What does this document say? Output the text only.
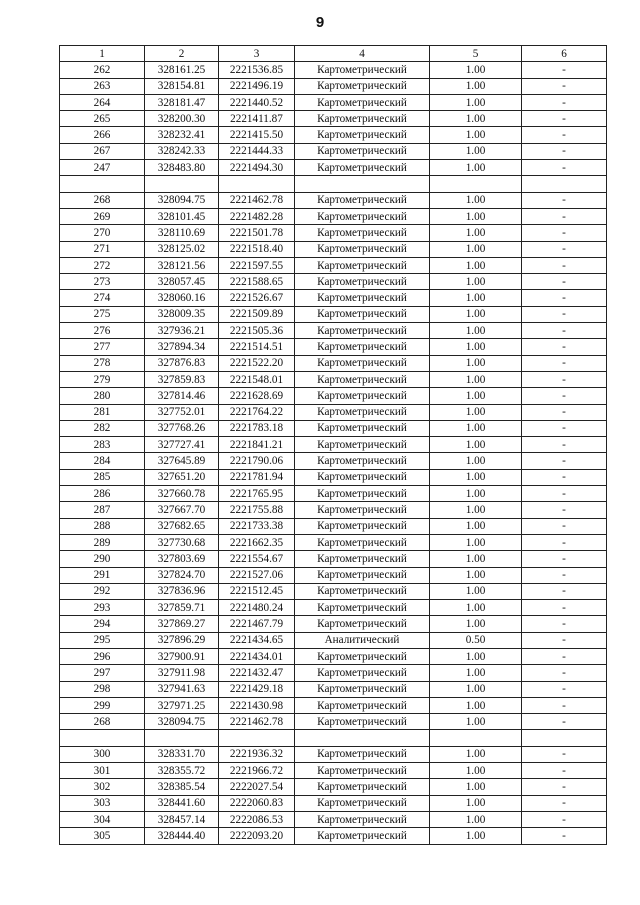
9
1	2	3	4	5	6
262	328161.25	2221536.85	Картометрический	1.00	-
263	328154.81	2221496.19	Картометрический	1.00	-
264	328181.47	2221440.52	Картометрический	1.00	-
265	328200.30	2221411.87	Картометрический	1.00	-
266	328232.41	2221415.50	Картометрический	1.00	-
267	328242.33	2221444.33	Картометрический	1.00	-
247	328483.80	2221494.30	Картометрический	1.00	-

268	328094.75	2221462.78	Картометрический	1.00	-
269	328101.45	2221482.28	Картометрический	1.00	-
270	328110.69	2221501.78	Картометрический	1.00	-
271	328125.02	2221518.40	Картометрический	1.00	-
272	328121.56	2221597.55	Картометрический	1.00	-
273	328057.45	2221588.65	Картометрический	1.00	-
274	328060.16	2221526.67	Картометрический	1.00	-
275	328009.35	2221509.89	Картометрический	1.00	-
276	327936.21	2221505.36	Картометрический	1.00	-
277	327894.34	2221514.51	Картометрический	1.00	-
278	327876.83	2221522.20	Картометрический	1.00	-
279	327859.83	2221548.01	Картометрический	1.00	-
280	327814.46	2221628.69	Картометрический	1.00	-
281	327752.01	2221764.22	Картометрический	1.00	-
282	327768.26	2221783.18	Картометрический	1.00	-
283	327727.41	2221841.21	Картометрический	1.00	-
284	327645.89	2221790.06	Картометрический	1.00	-
285	327651.20	2221781.94	Картометрический	1.00	-
286	327660.78	2221765.95	Картометрический	1.00	-
287	327667.70	2221755.88	Картометрический	1.00	-
288	327682.65	2221733.38	Картометрический	1.00	-
289	327730.68	2221662.35	Картометрический	1.00	-
290	327803.69	2221554.67	Картометрический	1.00	-
291	327824.70	2221527.06	Картометрический	1.00	-
292	327836.96	2221512.45	Картометрический	1.00	-
293	327859.71	2221480.24	Картометрический	1.00	-
294	327869.27	2221467.79	Картометрический	1.00	-
295	327896.29	2221434.65	Аналитический	0.50	-
296	327900.91	2221434.01	Картометрический	1.00	-
297	327911.98	2221432.47	Картометрический	1.00	-
298	327941.63	2221429.18	Картометрический	1.00	-
299	327971.25	2221430.98	Картометрический	1.00	-
268	328094.75	2221462.78	Картометрический	1.00	-

300	328331.70	2221936.32	Картометрический	1.00	-
301	328355.72	2221966.72	Картометрический	1.00	-
302	328385.54	2222027.54	Картометрический	1.00	-
303	328441.60	2222060.83	Картометрический	1.00	-
304	328457.14	2222086.53	Картометрический	1.00	-
305	328444.40	2222093.20	Картометрический	1.00	-
